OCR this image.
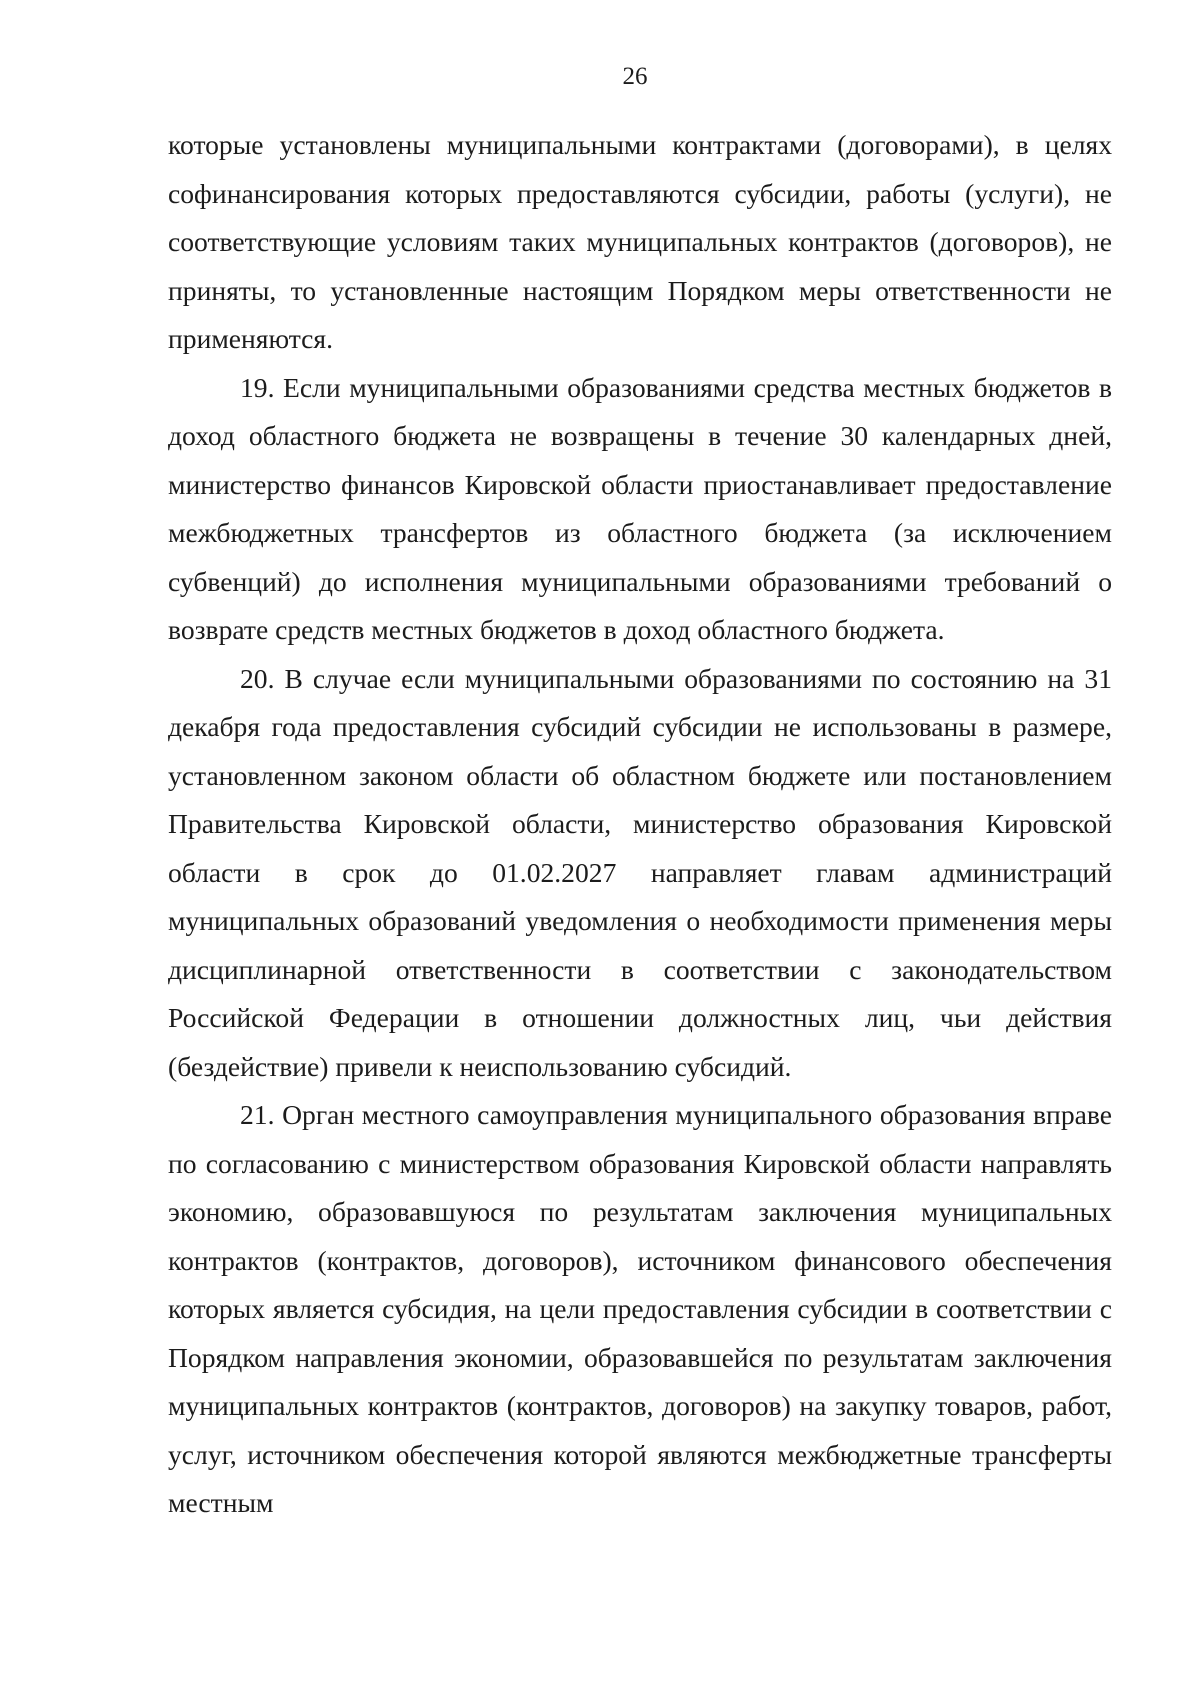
26

которые установлены муниципальными контрактами (договорами), в целях софинансирования которых предоставляются субсидии, работы (услуги), не соответствующие условиям таких муниципальных контрактов (договоров), не приняты, то установленные настоящим Порядком меры ответственности не применяются.

19. Если муниципальными образованиями средства местных бюджетов в доход областного бюджета не возвращены в течение 30 календарных дней, министерство финансов Кировской области приостанавливает предоставление межбюджетных трансфертов из областного бюджета (за исключением субвенций) до исполнения муниципальными образованиями требований о возврате средств местных бюджетов в доход областного бюджета.

20. В случае если муниципальными образованиями по состоянию на 31 декабря года предоставления субсидий субсидии не использованы в размере, установленном законом области об областном бюджете или постановлением Правительства Кировской области, министерство образования Кировской области в срок до 01.02.2027 направляет главам администраций муниципальных образований уведомления о необходимости применения меры дисциплинарной ответственности в соответствии с законодательством Российской Федерации в отношении должностных лиц, чьи действия (бездействие) привели к неиспользованию субсидий.

21. Орган местного самоуправления муниципального образования вправе по согласованию с министерством образования Кировской области направлять экономию, образовавшуюся по результатам заключения муниципальных контрактов (контрактов, договоров), источником финансового обеспечения которых является субсидия, на цели предоставления субсидии в соответствии с Порядком направления экономии, образовавшейся по результатам заключения муниципальных контрактов (контрактов, договоров) на закупку товаров, работ, услуг, источником обеспечения которой являются межбюджетные трансферты местным
